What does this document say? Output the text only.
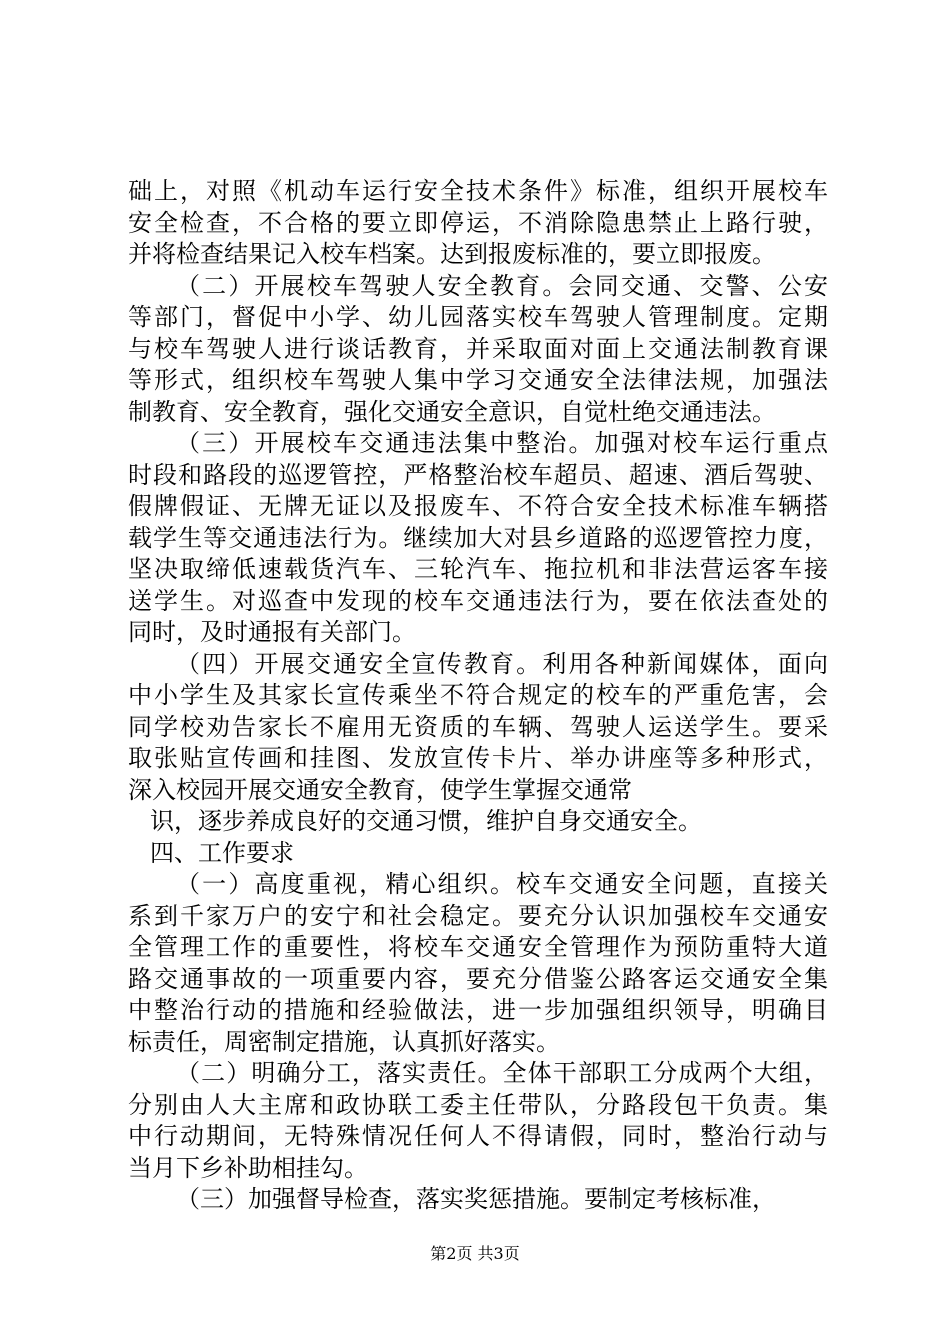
础上，对照《机动车运行安全技术条件》标准，组织开展校车
安全检查，不合格的要立即停运，不消除隐患禁止上路行驶，
并将检查结果记入校车档案。达到报废标准的，要立即报废。
（二）开展校车驾驶人安全教育。会同交通、交警、公安
等部门，督促中小学、幼儿园落实校车驾驶人管理制度。定期
与校车驾驶人进行谈话教育，并采取面对面上交通法制教育课
等形式，组织校车驾驶人集中学习交通安全法律法规，加强法
制教育、安全教育，强化交通安全意识，自觉杜绝交通违法。
（三）开展校车交通违法集中整治。加强对校车运行重点
时段和路段的巡逻管控，严格整治校车超员、超速、酒后驾驶、
假牌假证、无牌无证以及报废车、不符合安全技术标准车辆搭
载学生等交通违法行为。继续加大对县乡道路的巡逻管控力度，
坚决取缔低速载货汽车、三轮汽车、拖拉机和非法营运客车接
送学生。对巡查中发现的校车交通违法行为，要在依法查处的
同时，及时通报有关部门。
（四）开展交通安全宣传教育。利用各种新闻媒体，面向
中小学生及其家长宣传乘坐不符合规定的校车的严重危害，会
同学校劝告家长不雇用无资质的车辆、驾驶人运送学生。要采
取张贴宣传画和挂图、发放宣传卡片、举办讲座等多种形式，
深入校园开展交通安全教育，使学生掌握交通常
识，逐步养成良好的交通习惯，维护自身交通安全。
四、工作要求
（一）高度重视，精心组织。校车交通安全问题，直接关
系到千家万户的安宁和社会稳定。要充分认识加强校车交通安
全管理工作的重要性，将校车交通安全管理作为预防重特大道
路交通事故的一项重要内容，要充分借鉴公路客运交通安全集
中整治行动的措施和经验做法，进一步加强组织领导，明确目
标责任，周密制定措施，认真抓好落实。
（二）明确分工，落实责任。全体干部职工分成两个大组，
分别由人大主席和政协联工委主任带队，分路段包干负责。集
中行动期间，无特殊情况任何人不得请假，同时，整治行动与
当月下乡补助相挂勾。
（三）加强督导检查，落实奖惩措施。要制定考核标准，
第2页 共3页
